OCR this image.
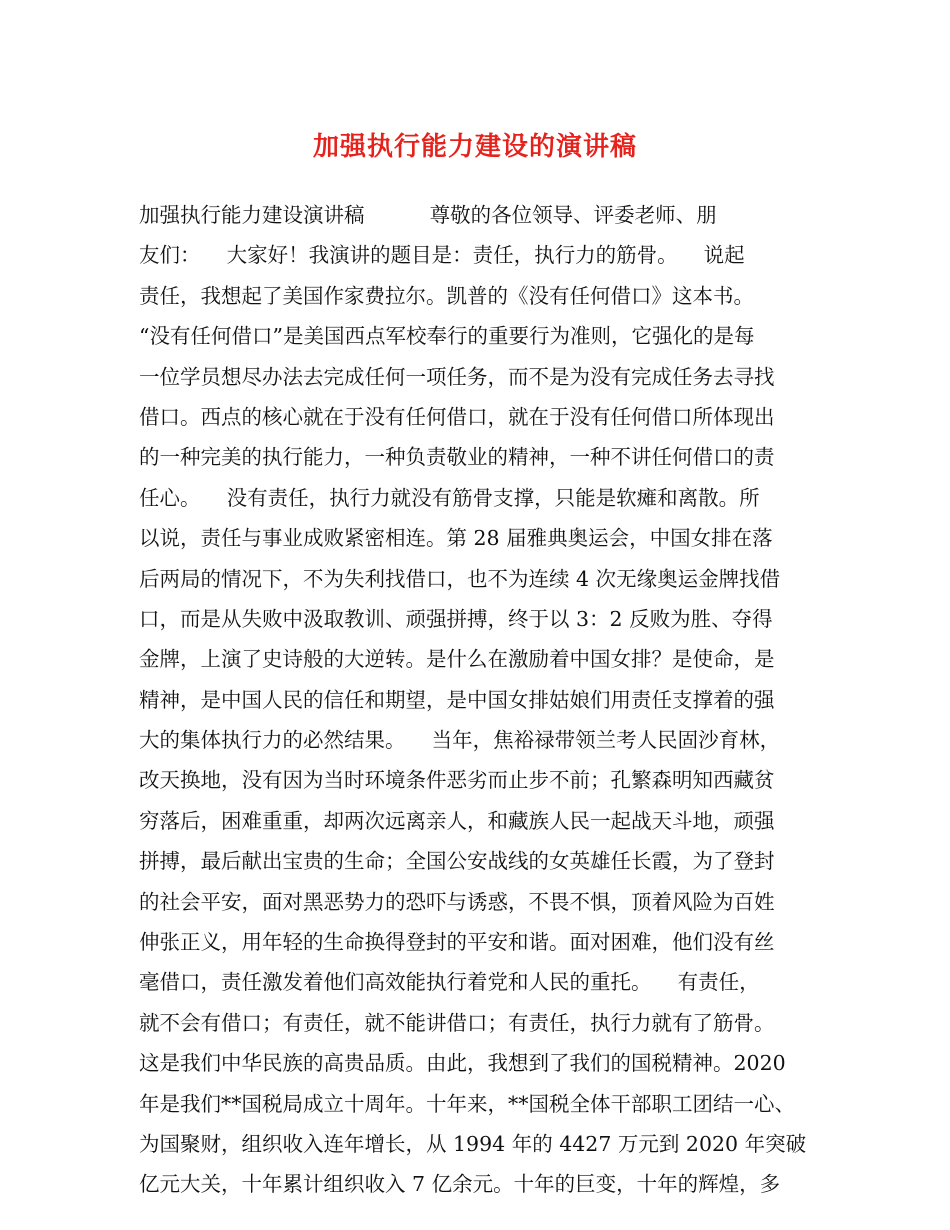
加强执行能力建设的演讲稿
加强执行能力建设演讲稿          尊敬的各位领导、评委老师、朋
友们：    大家好！我演讲的题目是：责任，执行力的筋骨。    说起
责任，我想起了美国作家费拉尔。凯普的《没有任何借口》这本书。
“没有任何借口”是美国西点军校奉行的重要行为准则，它强化的是每
一位学员想尽办法去完成任何一项任务，而不是为没有完成任务去寻找
借口。西点的核心就在于没有任何借口，就在于没有任何借口所体现出
的一种完美的执行能力，一种负责敬业的精神，一种不讲任何借口的责
任心。    没有责任，执行力就没有筋骨支撑，只能是软瘫和离散。所
以说，责任与事业成败紧密相连。第 28 届雅典奥运会，中国女排在落
后两局的情况下，不为失利找借口，也不为连续 4 次无缘奥运金牌找借
口，而是从失败中汲取教训、顽强拼搏，终于以 3：2 反败为胜、夺得
金牌，上演了史诗般的大逆转。是什么在激励着中国女排？是使命，是
精神，是中国人民的信任和期望，是中国女排姑娘们用责任支撑着的强
大的集体执行力的必然结果。    当年，焦裕禄带领兰考人民固沙育林，
改天换地，没有因为当时环境条件恶劣而止步不前；孔繁森明知西藏贫
穷落后，困难重重，却两次远离亲人，和藏族人民一起战天斗地，顽强
拼搏，最后献出宝贵的生命；全国公安战线的女英雄任长霞，为了登封
的社会平安，面对黑恶势力的恐吓与诱惑，不畏不惧，顶着风险为百姓
伸张正义，用年轻的生命换得登封的平安和谐。面对困难，他们没有丝
毫借口，责任激发着他们高效能执行着党和人民的重托。    有责任，
就不会有借口；有责任，就不能讲借口；有责任，执行力就有了筋骨。
这是我们中华民族的高贵品质。由此，我想到了我们的国税精神。2020
年是我们**国税局成立十周年。十年来，**国税全体干部职工团结一心、
为国聚财，组织收入连年增长，从 1994 年的 4427 万元到 2020 年突破
亿元大关，十年累计组织收入 7 亿余元。十年的巨变，十年的辉煌，多
